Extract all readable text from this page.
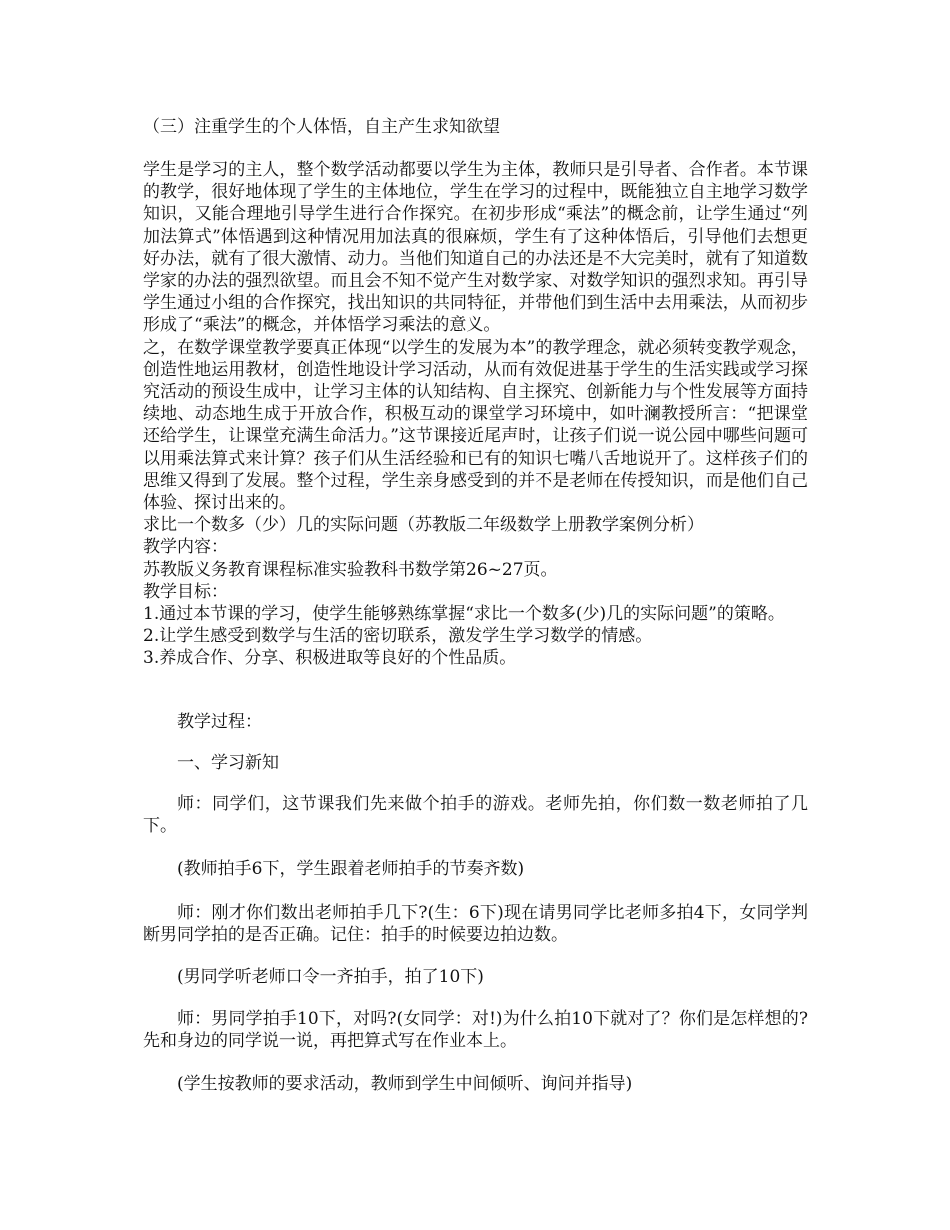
（三）注重学生的个人体悟，自主产生求知欲望

学生是学习的主人，整个数学活动都要以学生为主体，教师只是引导者、合作者。本节课的教学，很好地体现了学生的主体地位，学生在学习的过程中，既能独立自主地学习数学知识，又能合理地引导学生进行合作探究。在初步形成“乘法”的概念前，让学生通过“列加法算式”体悟遇到这种情况用加法真的很麻烦，学生有了这种体悟后，引导他们去想更好办法，就有了很大激情、动力。当他们知道自己的办法还是不大完美时，就有了知道数学家的办法的强烈欲望。而且会不知不觉产生对数学家、对数学知识的强烈求知。再引导学生通过小组的合作探究，找出知识的共同特征，并带他们到生活中去用乘法，从而初步形成了“乘法”的概念，并体悟学习乘法的意义。

之，在数学课堂教学要真正体现“以学生的发展为本”的教学理念，就必须转变教学观念，创造性地运用教材，创造性地设计学习活动，从而有效促进基于学生的生活实践或学习探究活动的预设生成中，让学习主体的认知结构、自主探究、创新能力与个性发展等方面持续地、动态地生成于开放合作，积极互动的课堂学习环境中，如叶澜教授所言：“把课堂还给学生，让课堂充满生命活力。”这节课接近尾声时，让孩子们说一说公园中哪些问题可以用乘法算式来计算？孩子们从生活经验和已有的知识七嘴八舌地说开了。这样孩子们的思维又得到了发展。整个过程，学生亲身感受到的并不是老师在传授知识，而是他们自己体验、探讨出来的。

求比一个数多（少）几的实际问题（苏教版二年级数学上册教学案例分析）

教学内容：

苏教版义务教育课程标准实验教科书数学第26~27页。

教学目标：

1.通过本节课的学习，使学生能够熟练掌握“求比一个数多(少)几的实际问题”的策略。

2.让学生感受到数学与生活的密切联系，激发学生学习数学的情感。

3.养成合作、分享、积极进取等良好的个性品质。

教学过程：

一、学习新知

师：同学们，这节课我们先来做个拍手的游戏。老师先拍，你们数一数老师拍了几下。

(教师拍手6下，学生跟着老师拍手的节奏齐数)

师：刚才你们数出老师拍手几下?(生：6下)现在请男同学比老师多拍4下，女同学判断男同学拍的是否正确。记住：拍手的时候要边拍边数。

(男同学听老师口令一齐拍手，拍了10下)

师：男同学拍手10下，对吗?(女同学：对!)为什么拍10下就对了？你们是怎样想的?先和身边的同学说一说，再把算式写在作业本上。

(学生按教师的要求活动，教师到学生中间倾听、询问并指导)
